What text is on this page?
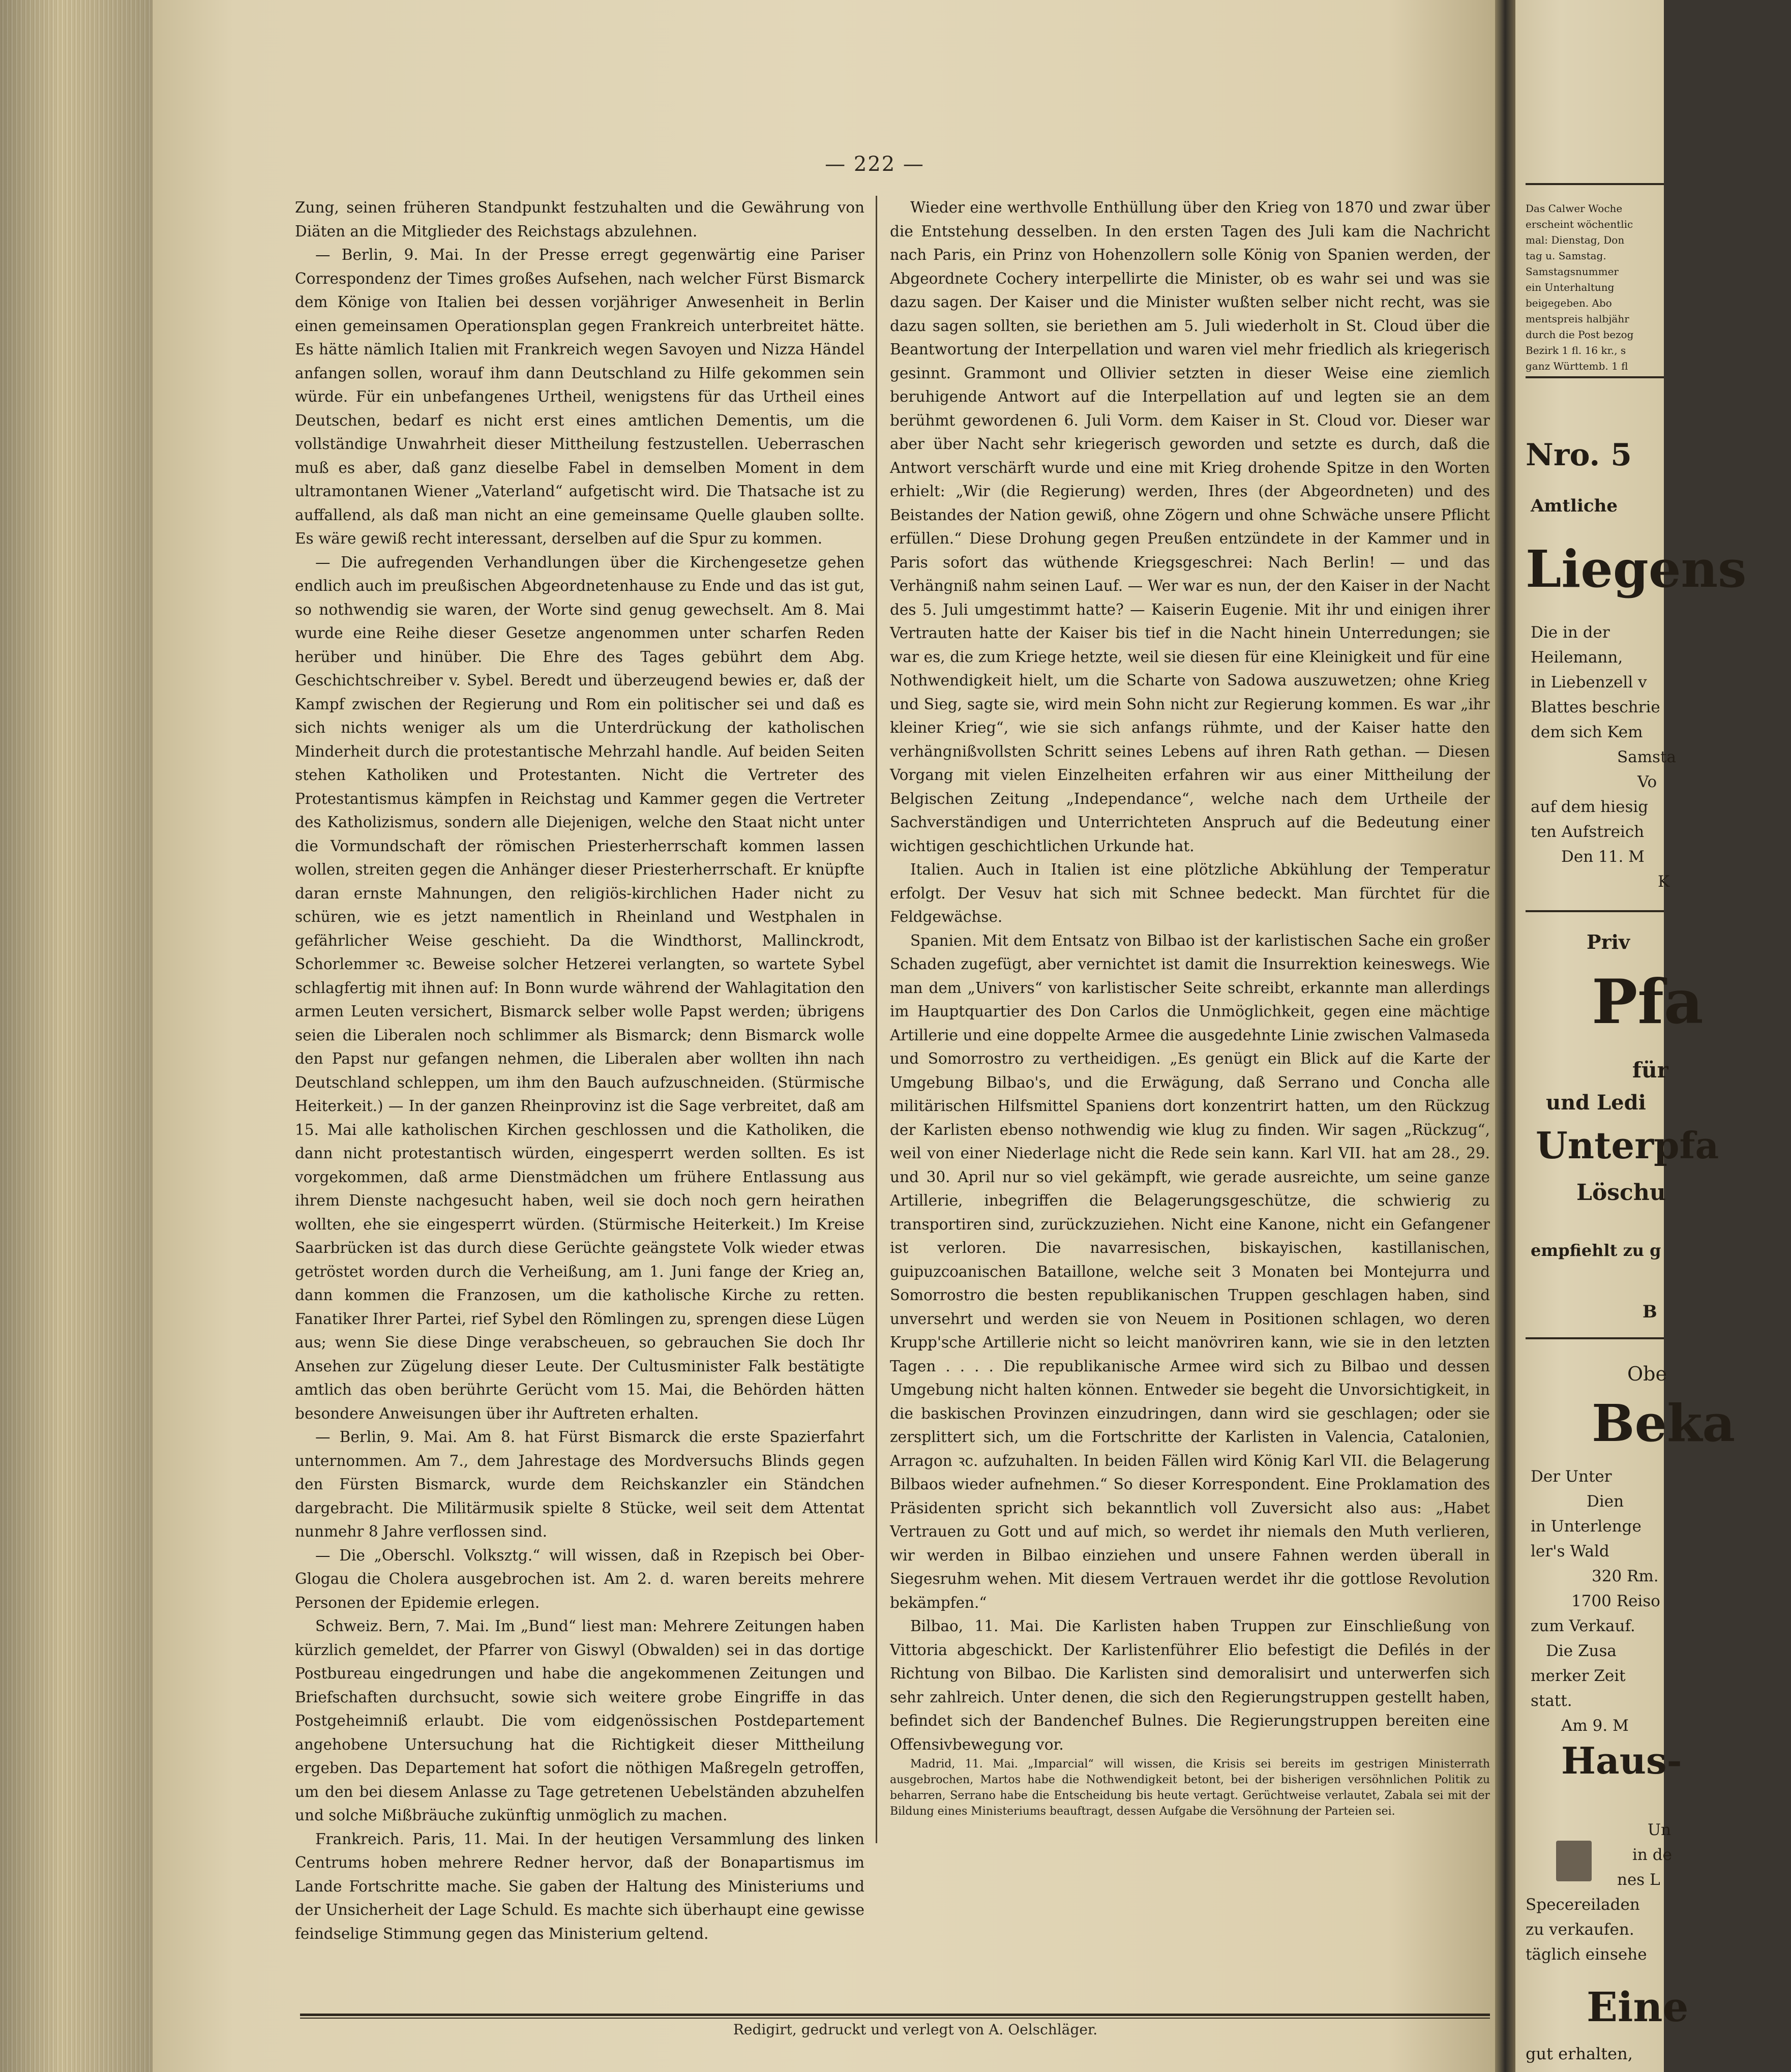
— 222 —

Zung, seinen früheren Standpunkt festzuhalten und die Gewährung von Diäten an die Mitglieder des Reichstags abzulehnen.

— Berlin, 9. Mai. In der Presse erregt gegenwärtig eine Pariser Correspondenz der Times großes Aufsehen, nach welcher Fürst Bismarck dem Könige von Italien bei dessen vorjähriger Anwesenheit in Berlin einen gemeinsamen Operationsplan gegen Frankreich unterbreitet hätte. Es hätte nämlich Italien mit Frankreich wegen Savoyen und Nizza Händel anfangen sollen, worauf ihm dann Deutschland zu Hilfe gekommen sein würde. Für ein unbefangenes Urtheil, wenigstens für das Urtheil eines Deutschen, bedarf es nicht erst eines amtlichen Dementis, um die vollständige Unwahrheit dieser Mittheilung festzustellen. Ueberraschen muß es aber, daß ganz dieselbe Fabel in demselben Moment in dem ultramontanen Wiener „Vaterland“ aufgetischt wird. Die Thatsache ist zu auffallend, als daß man nicht an eine gemeinsame Quelle glauben sollte. Es wäre gewiß recht interessant, derselben auf die Spur zu kommen.

— Die aufregenden Verhandlungen über die Kirchengesetze gehen endlich auch im preußischen Abgeordnetenhause zu Ende und das ist gut, so nothwendig sie waren, der Worte sind genug gewechselt. Am 8. Mai wurde eine Reihe dieser Gesetze angenommen unter scharfen Reden herüber und hinüber. Die Ehre des Tages gebührt dem Abg. Geschichtschreiber v. Sybel. Beredt und überzeugend bewies er, daß der Kampf zwischen der Regierung und Rom ein politischer sei und daß es sich nichts weniger als um die Unterdrückung der katholischen Minderheit durch die protestantische Mehrzahl handle. Auf beiden Seiten stehen Katholiken und Protestanten. Nicht die Vertreter des Protestantismus kämpfen in Reichstag und Kammer gegen die Vertreter des Katholizismus, sondern alle Diejenigen, welche den Staat nicht unter die Vormundschaft der römischen Priesterherrschaft kommen lassen wollen, streiten gegen die Anhänger dieser Priesterherrschaft. Er knüpfte daran ernste Mahnungen, den religiös-kirchlichen Hader nicht zu schüren, wie es jetzt namentlich in Rheinland und Westphalen in gefährlicher Weise geschieht. Da die Windthorst, Mallinckrodt, Schorlemmer ꝛc. Beweise solcher Hetzerei verlangten, so wartete Sybel schlagfertig mit ihnen auf: In Bonn wurde während der Wahlagitation den armen Leuten versichert, Bismarck selber wolle Papst werden; übrigens seien die Liberalen noch schlimmer als Bismarck; denn Bismarck wolle den Papst nur gefangen nehmen, die Liberalen aber wollten ihn nach Deutschland schleppen, um ihm den Bauch aufzuschneiden. (Stürmische Heiterkeit.) — In der ganzen Rheinprovinz ist die Sage verbreitet, daß am 15. Mai alle katholischen Kirchen geschlossen und die Katholiken, die dann nicht protestantisch würden, eingesperrt werden sollten. Es ist vorgekommen, daß arme Dienstmädchen um frühere Entlassung aus ihrem Dienste nachgesucht haben, weil sie doch noch gern heirathen wollten, ehe sie eingesperrt würden. (Stürmische Heiterkeit.) Im Kreise Saarbrücken ist das durch diese Gerüchte geängstete Volk wieder etwas getröstet worden durch die Verheißung, am 1. Juni fange der Krieg an, dann kommen die Franzosen, um die katholische Kirche zu retten. Fanatiker Ihrer Partei, rief Sybel den Römlingen zu, sprengen diese Lügen aus; wenn Sie diese Dinge verabscheuen, so gebrauchen Sie doch Ihr Ansehen zur Zügelung dieser Leute. Der Cultusminister Falk bestätigte amtlich das oben berührte Gerücht vom 15. Mai, die Behörden hätten besondere Anweisungen über ihr Auftreten erhalten.

— Berlin, 9. Mai. Am 8. hat Fürst Bismarck die erste Spazierfahrt unternommen. Am 7., dem Jahrestage des Mordversuchs Blinds gegen den Fürsten Bismarck, wurde dem Reichskanzler ein Ständchen dargebracht. Die Militärmusik spielte 8 Stücke, weil seit dem Attentat nunmehr 8 Jahre verflossen sind.

— Die „Oberschl. Volksztg.“ will wissen, daß in Rzepisch bei Ober-Glogau die Cholera ausgebrochen ist. Am 2. d. waren bereits mehrere Personen der Epidemie erlegen.

Schweiz. Bern, 7. Mai. Im „Bund“ liest man: Mehrere Zeitungen haben kürzlich gemeldet, der Pfarrer von Giswyl (Obwalden) sei in das dortige Postbureau eingedrungen und habe die angekommenen Zeitungen und Briefschaften durchsucht, sowie sich weitere grobe Eingriffe in das Postgeheimniß erlaubt. Die vom eidgenössischen Postdepartement angehobene Untersuchung hat die Richtigkeit dieser Mittheilung ergeben. Das Departement hat sofort die nöthigen Maßregeln getroffen, um den bei diesem Anlasse zu Tage getretenen Uebelständen abzuhelfen und solche Mißbräuche zukünftig unmöglich zu machen.

Frankreich. Paris, 11. Mai. In der heutigen Versammlung des linken Centrums hoben mehrere Redner hervor, daß der Bonapartismus im Lande Fortschritte mache. Sie gaben der Haltung des Ministeriums und der Unsicherheit der Lage Schuld. Es machte sich überhaupt eine gewisse feindselige Stimmung gegen das Ministerium geltend.

Wieder eine werthvolle Enthüllung über den Krieg von 1870 und zwar über die Entstehung desselben. In den ersten Tagen des Juli kam die Nachricht nach Paris, ein Prinz von Hohenzollern solle König von Spanien werden, der Abgeordnete Cochery interpellirte die Minister, ob es wahr sei und was sie dazu sagen. Der Kaiser und die Minister wußten selber nicht recht, was sie dazu sagen sollten, sie beriethen am 5. Juli wiederholt in St. Cloud über die Beantwortung der Interpellation und waren viel mehr friedlich als kriegerisch gesinnt. Grammont und Ollivier setzten in dieser Weise eine ziemlich beruhigende Antwort auf die Interpellation auf und legten sie an dem berühmt gewordenen 6. Juli Vorm. dem Kaiser in St. Cloud vor. Dieser war aber über Nacht sehr kriegerisch geworden und setzte es durch, daß die Antwort verschärft wurde und eine mit Krieg drohende Spitze in den Worten erhielt: „Wir (die Regierung) werden, Ihres (der Abgeordneten) und des Beistandes der Nation gewiß, ohne Zögern und ohne Schwäche unsere Pflicht erfüllen.“ Diese Drohung gegen Preußen entzündete in der Kammer und in Paris sofort das wüthende Kriegsgeschrei: Nach Berlin! — und das Verhängniß nahm seinen Lauf. — Wer war es nun, der den Kaiser in der Nacht des 5. Juli umgestimmt hatte? — Kaiserin Eugenie. Mit ihr und einigen ihrer Vertrauten hatte der Kaiser bis tief in die Nacht hinein Unterredungen; sie war es, die zum Kriege hetzte, weil sie diesen für eine Kleinigkeit und für eine Nothwendigkeit hielt, um die Scharte von Sadowa auszuwetzen; ohne Krieg und Sieg, sagte sie, wird mein Sohn nicht zur Regierung kommen. Es war „ihr kleiner Krieg“, wie sie sich anfangs rühmte, und der Kaiser hatte den verhängnißvollsten Schritt seines Lebens auf ihren Rath gethan. — Diesen Vorgang mit vielen Einzelheiten erfahren wir aus einer Mittheilung der Belgischen Zeitung „Independance“, welche nach dem Urtheile der Sachverständigen und Unterrichteten Anspruch auf die Bedeutung einer wichtigen geschichtlichen Urkunde hat.

Italien. Auch in Italien ist eine plötzliche Abkühlung der Temperatur erfolgt. Der Vesuv hat sich mit Schnee bedeckt. Man fürchtet für die Feldgewächse.

Spanien. Mit dem Entsatz von Bilbao ist der karlistischen Sache ein großer Schaden zugefügt, aber vernichtet ist damit die Insurrektion keineswegs. Wie man dem „Univers“ von karlistischer Seite schreibt, erkannte man allerdings im Hauptquartier des Don Carlos die Unmöglichkeit, gegen eine mächtige Artillerie und eine doppelte Armee die ausgedehnte Linie zwischen Valmaseda und Somorrostro zu vertheidigen. „Es genügt ein Blick auf die Karte der Umgebung Bilbao's, und die Erwägung, daß Serrano und Concha alle militärischen Hilfsmittel Spaniens dort konzentrirt hatten, um den Rückzug der Karlisten ebenso nothwendig wie klug zu finden. Wir sagen „Rückzug“, weil von einer Niederlage nicht die Rede sein kann. Karl VII. hat am 28., 29. und 30. April nur so viel gekämpft, wie gerade ausreichte, um seine ganze Artillerie, inbegriffen die Belagerungsgeschütze, die schwierig zu transportiren sind, zurückzuziehen. Nicht eine Kanone, nicht ein Gefangener ist verloren. Die navarresischen, biskayischen, kastillanischen, guipuzcoanischen Bataillone, welche seit 3 Monaten bei Montejurra und Somorrostro die besten republikanischen Truppen geschlagen haben, sind unversehrt und werden sie von Neuem in Positionen schlagen, wo deren Krupp'sche Artillerie nicht so leicht manövriren kann, wie sie in den letzten Tagen . . . . Die republikanische Armee wird sich zu Bilbao und dessen Umgebung nicht halten können. Entweder sie begeht die Unvorsichtigkeit, in die baskischen Provinzen einzudringen, dann wird sie geschlagen; oder sie zersplittert sich, um die Fortschritte der Karlisten in Valencia, Catalonien, Arragon ꝛc. aufzuhalten. In beiden Fällen wird König Karl VII. die Belagerung Bilbaos wieder aufnehmen.“ So dieser Korrespondent. Eine Proklamation des Präsidenten spricht sich bekanntlich voll Zuversicht also aus: „Habet Vertrauen zu Gott und auf mich, so werdet ihr niemals den Muth verlieren, wir werden in Bilbao einziehen und unsere Fahnen werden überall in Siegesruhm wehen. Mit diesem Vertrauen werdet ihr die gottlose Revolution bekämpfen.“

Bilbao, 11. Mai. Die Karlisten haben Truppen zur Einschließung von Vittoria abgeschickt. Der Karlistenführer Elio befestigt die Defilés in der Richtung von Bilbao. Die Karlisten sind demoralisirt und unterwerfen sich sehr zahlreich. Unter denen, die sich den Regierungstruppen gestellt haben, befindet sich der Bandenchef Bulnes. Die Regierungstruppen bereiten eine Offensivbewegung vor.

Madrid, 11. Mai. „Imparcial“ will wissen, die Krisis sei bereits im gestrigen Ministerrath ausgebrochen, Martos habe die Nothwendigkeit betont, bei der bisherigen versöhnlichen Politik zu beharren, Serrano habe die Entscheidung bis heute vertagt. Gerüchtweise verlautet, Zabala sei mit der Bildung eines Ministeriums beauftragt, dessen Aufgabe die Versöhnung der Parteien sei.

Redigirt, gedruckt und verlegt von A. Oelschläger.
Das Calwer Woche
erscheint wöchentlic
mal: Dienstag, Don
tag u. Samstag.
Samstagsnummer
ein Unterhaltung
beigegeben. Abo
mentspreis halbjähr
durch die Post bezog
Bezirk 1 fl. 16 kr., s
ganz Württemb. 1 fl
Nro. 5
Amtliche
Liegens
Die in der
Heilemann,
in Liebenzell v
Blattes beschrie
dem sich Kem
Samsta
Vo
auf dem hiesig
ten Aufstreich
Den 11. M
K
Priv
Pfa
für
und Ledi
Unterpfa
Löschu
empfiehlt zu g
B
Obe
Beka
Der Unter
Dien
in Unterlenge
ler's Wald
320 Rm.
1700 Reiso
zum Verkauf.
Die Zusa
merker Zeit
statt.
Am 9. M
Haus-
Un
in de
nes L
Specereiladen
zu verkaufen.
täglich einsehe
Eine
gut erhalten,
